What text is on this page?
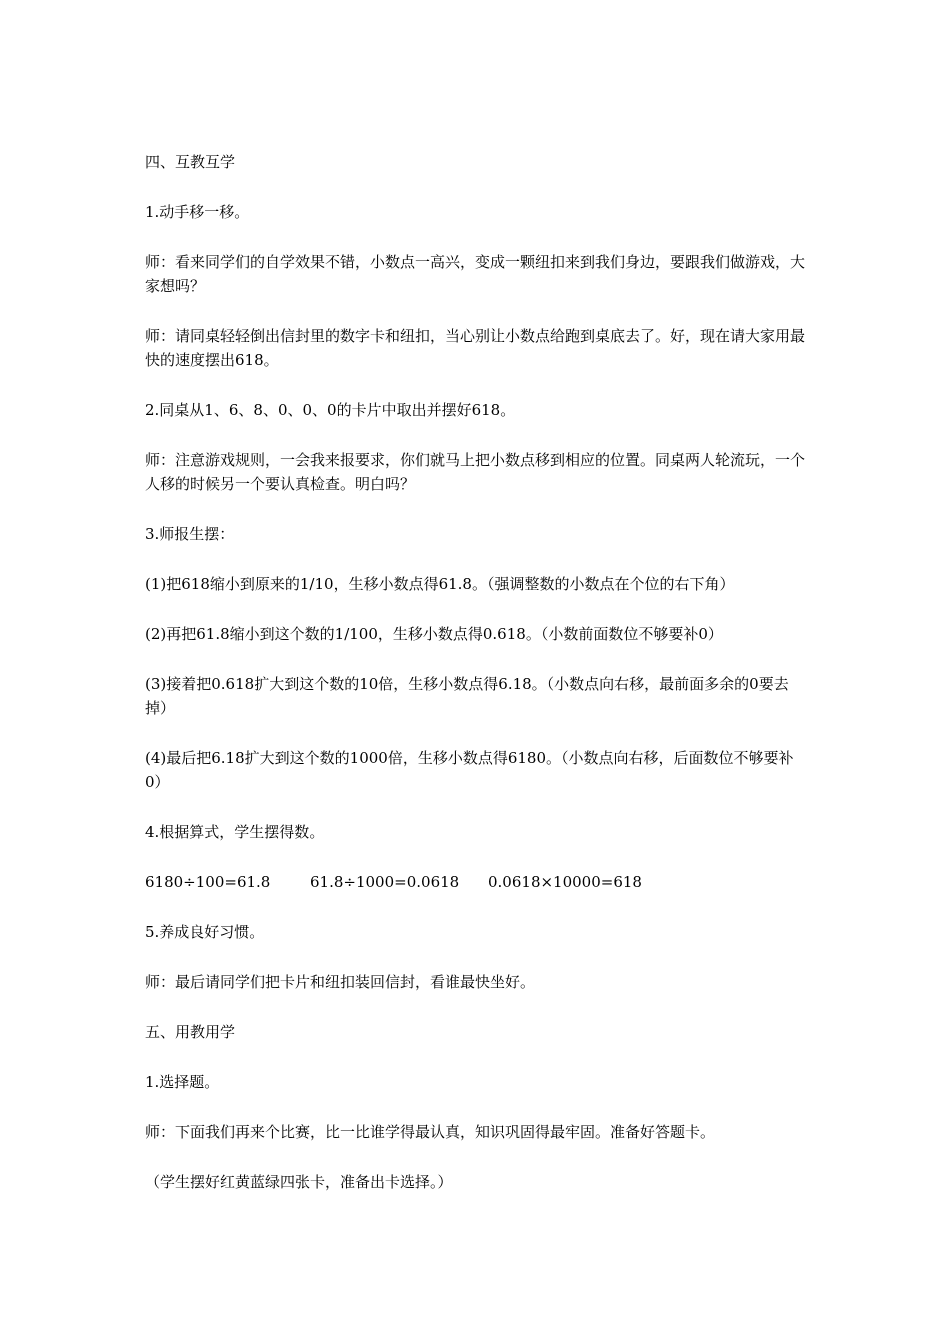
四、互教互学

1.动手移一移。

师：看来同学们的自学效果不错，小数点一高兴，变成一颗纽扣来到我们身边，要跟我们做游戏，大家想吗？

师：请同桌轻轻倒出信封里的数字卡和纽扣，当心别让小数点给跑到桌底去了。好，现在请大家用最快的速度摆出618。

2.同桌从1、6、8、0、0、0的卡片中取出并摆好618。

师：注意游戏规则，一会我来报要求，你们就马上把小数点移到相应的位置。同桌两人轮流玩，一个人移的时候另一个要认真检查。明白吗？

3.师报生摆：

(1)把618缩小到原来的1/10，生移小数点得61.8。（强调整数的小数点在个位的右下角）

(2)再把61.8缩小到这个数的1/100，生移小数点得0.618。（小数前面数位不够要补0）

(3)接着把0.618扩大到这个数的10倍，生移小数点得6.18。（小数点向右移，最前面多余的0要去掉）

(4)最后把6.18扩大到这个数的1000倍，生移小数点得6180。（小数点向右移，后面数位不够要补0）

4.根据算式，学生摆得数。

6180÷100=61.8	61.8÷1000=0.0618	0.0618×10000=618

5.养成良好习惯。

师：最后请同学们把卡片和纽扣装回信封，看谁最快坐好。

五、用教用学

1.选择题。

师：下面我们再来个比赛，比一比谁学得最认真，知识巩固得最牢固。准备好答题卡。

（学生摆好红黄蓝绿四张卡，准备出卡选择。）
